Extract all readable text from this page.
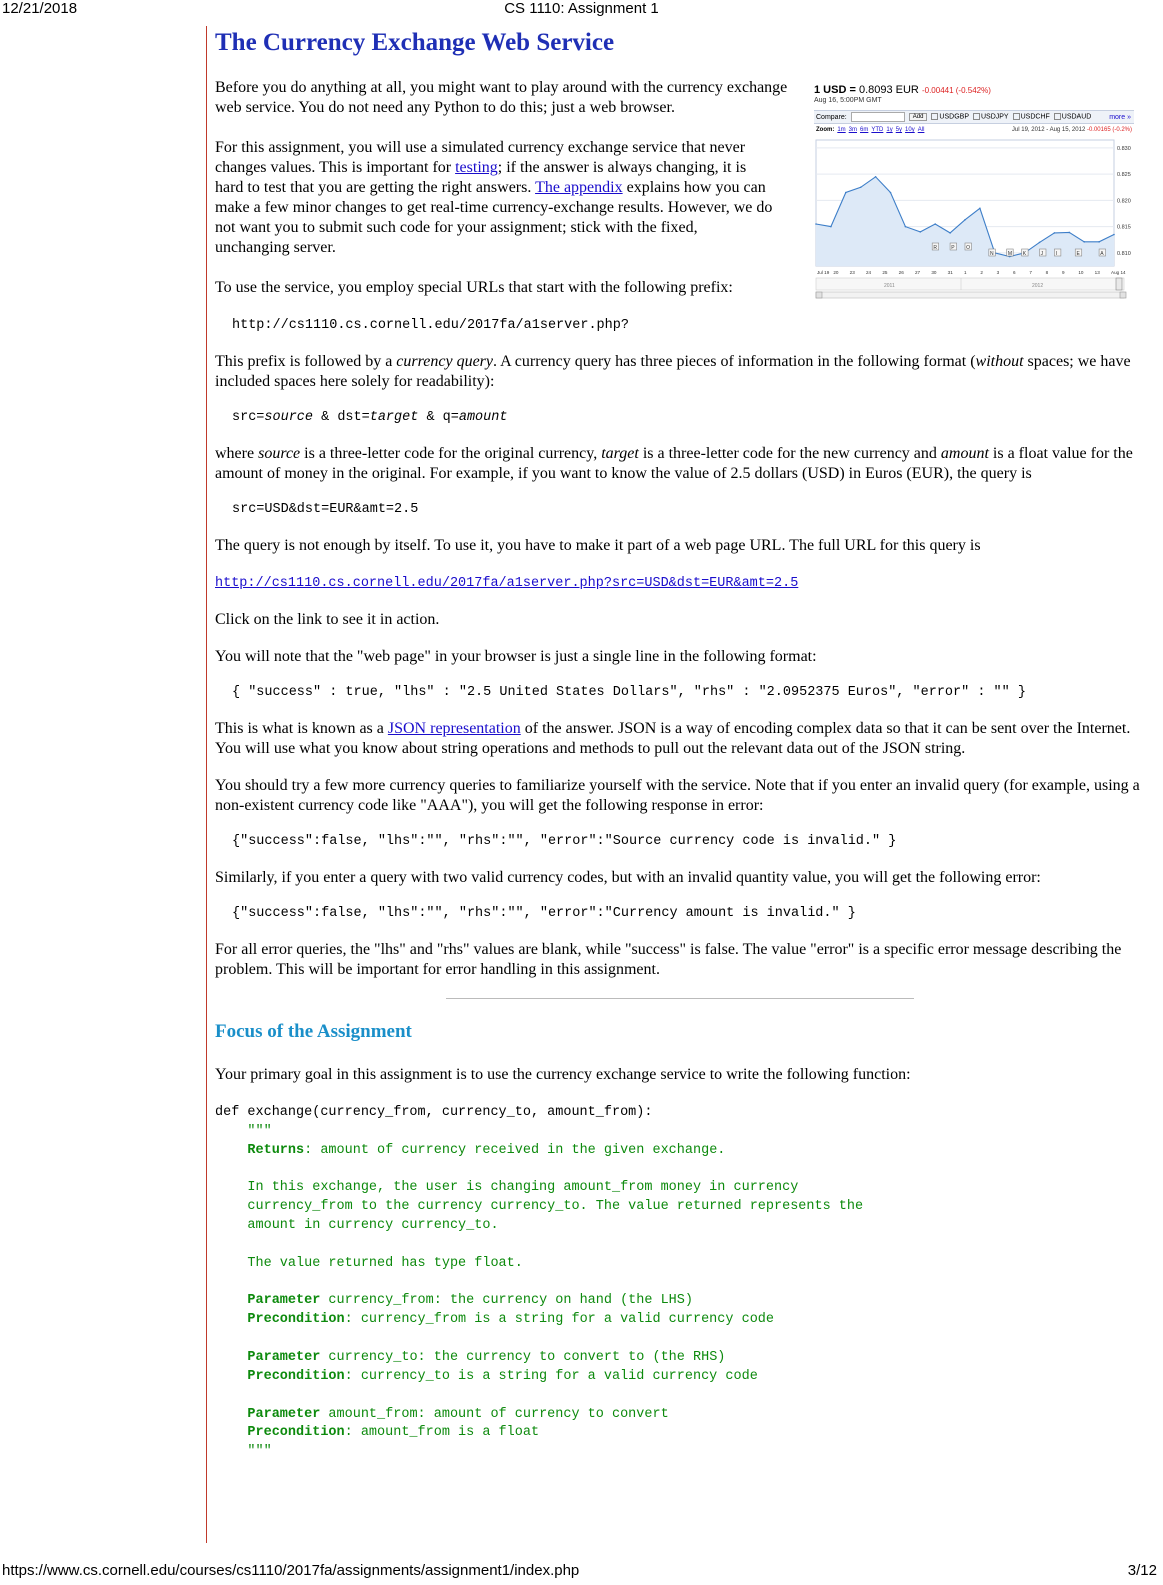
12/21/2018	CS 1110: Assignment 1
1 USD = 0.8093 EUR -0.00441 (-0.542%)
Aug 16, 5:00PM GMT
Compare:	Add	USDGBP	USDJPY	USDCHF	USDAUD	more »
Zoom: 1m 3m 6m YTD 1y 5y 10y All	Jul 19, 2012 - Aug 15, 2012 -0.00165 (-0.2%)
0.830
0.825
0.820
0.815
0.810
R	P O
N	M K	J I	E	A
Jul 19 20 23 24 25 26 27 30 31 1	2	3	6	7	8	9	10 13 Aug 14
2011	2012
The Currency Exchange Web Service

Before you do anything at all, you might want to play around with the currency exchange web service. You do not need any Python to do this; just a web browser.

For this assignment, you will use a simulated currency exchange service that never changes values. This is important for testing; if the answer is always changing, it is hard to test that you are getting the right answers. The appendix explains how you can make a few minor changes to get real-time currency-exchange results. However, we do not want you to submit such code for your assignment; stick with the fixed, unchanging server.

To use the service, you employ special URLs that start with the following prefix:

http://cs1110.cs.cornell.edu/2017fa/a1server.php?

This prefix is followed by a currency query. A currency query has three pieces of information in the following format (without spaces; we have included spaces here solely for readability):

src=source & dst=target & q=amount

where source is a three-letter code for the original currency, target is a three-letter code for the new currency and amount is a float value for the amount of money in the original. For example, if you want to know the value of 2.5 dollars (USD) in Euros (EUR), the query is

src=USD&dst=EUR&amt=2.5

The query is not enough by itself. To use it, you have to make it part of a web page URL. The full URL for this query is

http://cs1110.cs.cornell.edu/2017fa/a1server.php?src=USD&dst=EUR&amt=2.5

Click on the link to see it in action.

You will note that the "web page" in your browser is just a single line in the following format:

{ "success" : true, "lhs" : "2.5 United States Dollars", "rhs" : "2.0952375 Euros", "error" : "" }

This is what is known as a JSON representation of the answer. JSON is a way of encoding complex data so that it can be sent over the Internet. You will use what you know about string operations and methods to pull out the relevant data out of the JSON string.

You should try a few more currency queries to familiarize yourself with the service. Note that if you enter an invalid query (for example, using a non-existent currency code like "AAA"), you will get the following response in error:

{"success":false, "lhs":"", "rhs":"", "error":"Source currency code is invalid." }

Similarly, if you enter a query with two valid currency codes, but with an invalid quantity value, you will get the following error:

{"success":false, "lhs":"", "rhs":"", "error":"Currency amount is invalid." }

For all error queries, the "lhs" and "rhs" values are blank, while "success" is false. The value "error" is a specific error message describing the problem. This will be important for error handling in this assignment.

Focus of the Assignment

Your primary goal in this assignment is to use the currency exchange service to write the following function:

def exchange(currency_from, currency_to, amount_from):
"""
Returns: amount of currency received in the given exchange.

In this exchange, the user is changing amount_from money in currency
currency_from to the currency currency_to. The value returned represents the
amount in currency currency_to.

The value returned has type float.

Parameter currency_from: the currency on hand (the LHS)
Precondition: currency_from is a string for a valid currency code

Parameter currency_to: the currency to convert to (the RHS)
Precondition: currency_to is a string for a valid currency code

Parameter amount_from: amount of currency to convert
Precondition: amount_from is a float
"""
https://www.cs.cornell.edu/courses/cs1110/2017fa/assignments/assignment1/index.php	3/12
